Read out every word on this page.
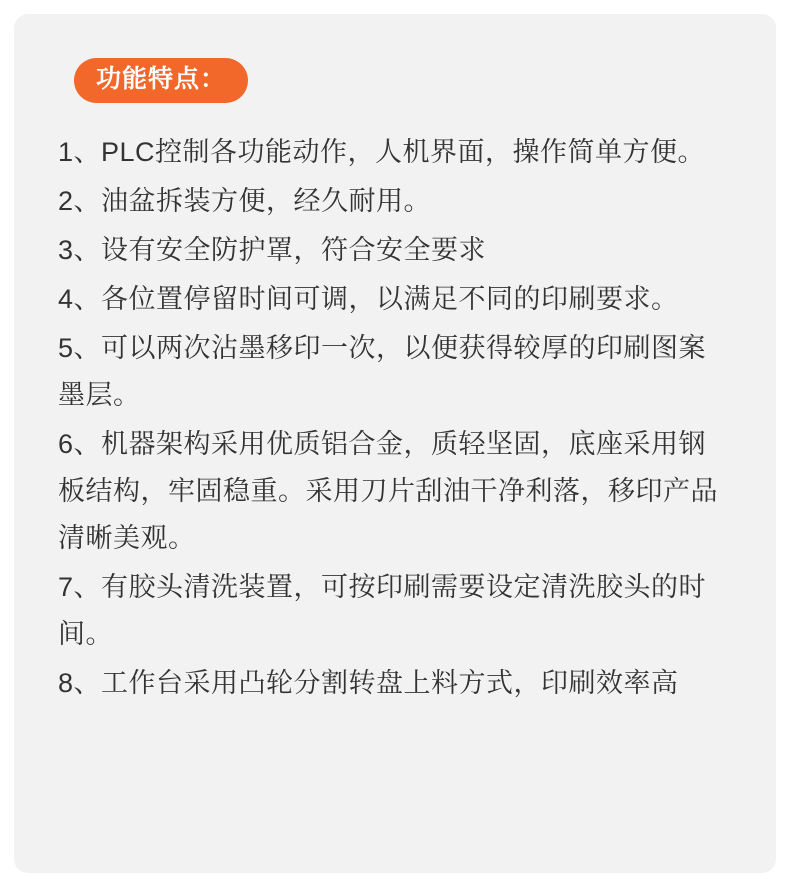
功能特点：
1、PLC控制各功能动作，人机界面，操作简单方便。
2、油盆拆装方便，经久耐用。
3、设有安全防护罩，符合安全要求
4、各位置停留时间可调，以满足不同的印刷要求。
5、可以两次沾墨移印一次，以便获得较厚的印刷图案墨层。
6、机器架构采用优质铝合金，质轻坚固，底座采用钢板结构，牢固稳重。采用刀片刮油干净利落，移印产品清晰美观。
7、有胶头清洗装置，可按印刷需要设定清洗胶头的时间。
8、工作台采用凸轮分割转盘上料方式，印刷效率高
